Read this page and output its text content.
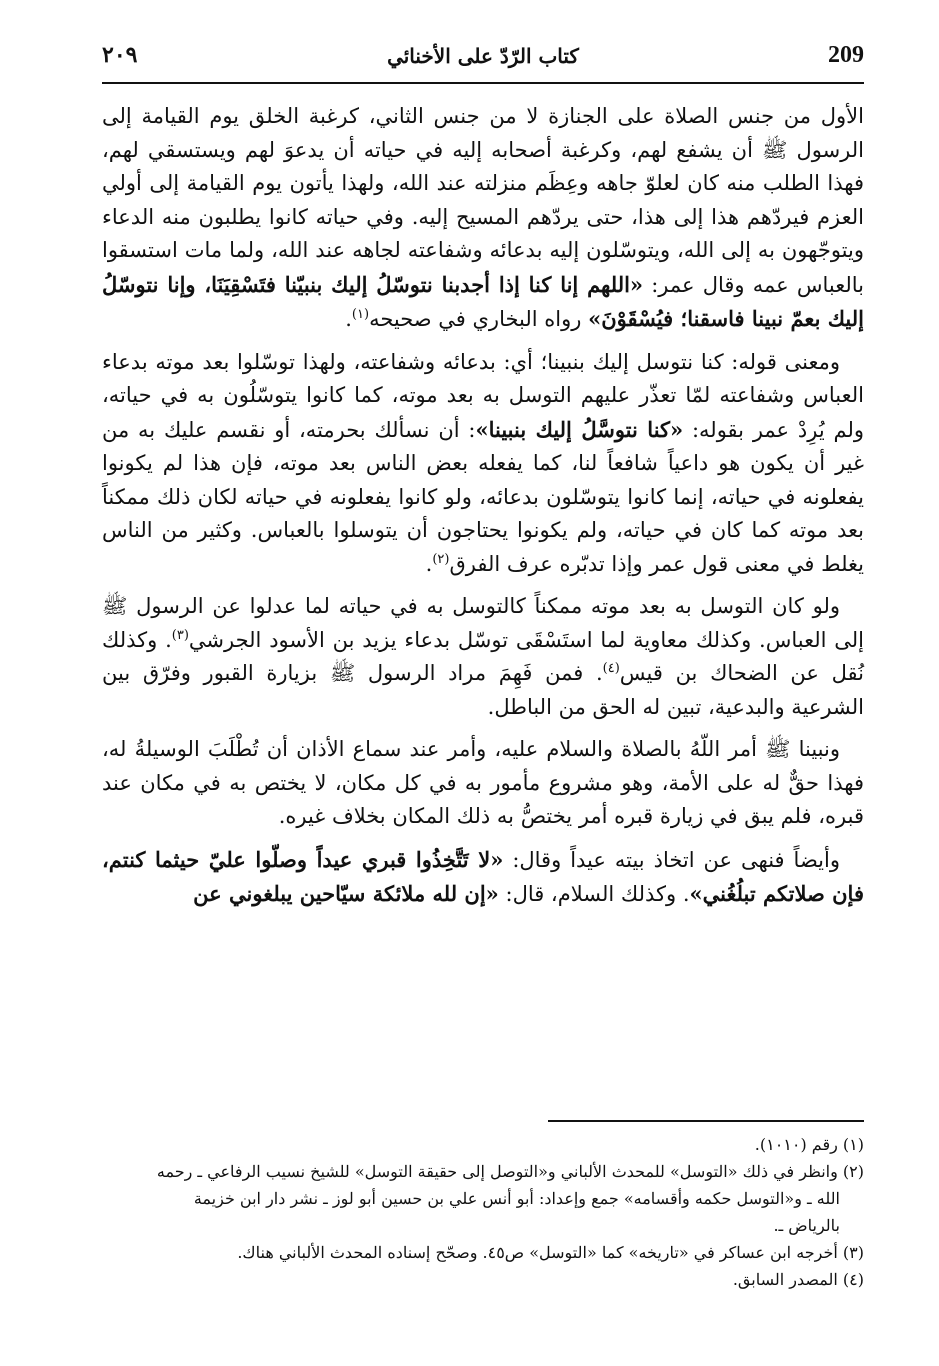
209
كتاب الرّدّ على الأخنائي
٢٠٩

الأول من جنس الصلاة على الجنازة لا من جنس الثاني، كرغبة الخلق يوم القيامة إلى الرسول ﷺ أن يشفع لهم، وكرغبة أصحابه إليه في حياته أن يدعوَ لهم ويستسقي لهم، فهذا الطلب منه كان لعلوّ جاهه وعِظَم منزلته عند الله، ولهذا يأتون يوم القيامة إلى أولي العزم فيردّهم هذا إلى هذا، حتى يردّهم المسيح إليه. وفي حياته كانوا يطلبون منه الدعاء ويتوجّهون به إلى الله، ويتوسّلون إليه بدعائه وشفاعته لجاهه عند الله، ولما مات استسقوا بالعباس عمه وقال عمر: «اللهم إنا كنا إذا أجدبنا نتوسّلُ إليك بنبيّنا فتَسْقِيَنَا، وإنا نتوسّلُ إليك بعمّ نبينا فاسقنا؛ فيُسْقَوْنَ» رواه البخاري في صحيحه$^{(١)}$.

ومعنى قوله: كنا نتوسل إليك بنبينا؛ أي: بدعائه وشفاعته، ولهذا توسّلوا بعد موته بدعاء العباس وشفاعته لمّا تعذّر عليهم التوسل به بعد موته، كما كانوا يتوسّلُون به في حياته، ولم يُرِدْ عمر بقوله: «كنا نتوسَّلُ إليك بنبينا»: أن نسألك بحرمته، أو نقسم عليك به من غير أن يكون هو داعياً شافعاً لنا، كما يفعله بعض الناس بعد موته، فإن هذا لم يكونوا يفعلونه في حياته، إنما كانوا يتوسّلون بدعائه، ولو كانوا يفعلونه في حياته لكان ذلك ممكناً بعد موته كما كان في حياته، ولم يكونوا يحتاجون أن يتوسلوا بالعباس. وكثير من الناس يغلط في معنى قول عمر وإذا تدبّره عرف الفرق$^{(٢)}$.

ولو كان التوسل به بعد موته ممكناً كالتوسل به في حياته لما عدلوا عن الرسول ﷺ إلى العباس. وكذلك معاوية لما استَسْقَى توسّل بدعاء يزيد بن الأسود الجرشي$^{(٣)}$. وكذلك نُقل عن الضحاك بن قيس$^{(٤)}$. فمن فَهِمَ مراد الرسول ﷺ بزيارة القبور وفرّق بين الشرعية والبدعية، تبين له الحق من الباطل.

ونبينا ﷺ أمر اللّهُ بالصلاة والسلام عليه، وأمر عند سماع الأذان أن تُطْلَبَ الوسيلةُ له، فهذا حقٌّ له على الأمة، وهو مشروع مأمور به في كل مكان، لا يختص به في مكان عند قبره، فلم يبق في زيارة قبره أمر يختصُّ به ذلك المكان بخلاف غيره.

وأيضاً فنهى عن اتخاذ بيته عيداً وقال: «لا تَتَّخِذُوا قبري عيداً وصلّوا عليّ حيثما كنتم، فإن صلاتكم تبلُغُني». وكذلك السلام، قال: «إن لله ملائكة سيّاحين يبلغوني عن

(١) رقم (١٠١٠).

(٢) وانظر في ذلك «التوسل» للمحدث الألباني و«التوصل إلى حقيقة التوسل» للشيخ نسيب الرفاعي ـ رحمه

الله ـ و«التوسل حكمه وأقسامه» جمع وإعداد: أبو أنس علي بن حسين أبو لوز ـ نشر دار ابن خزيمة

بالرياض ـ.

(٣) أخرجه ابن عساكر في «تاريخه» كما «التوسل» ص٤٥. وصحّح إسناده المحدث الألباني هناك.

(٤) المصدر السابق.
